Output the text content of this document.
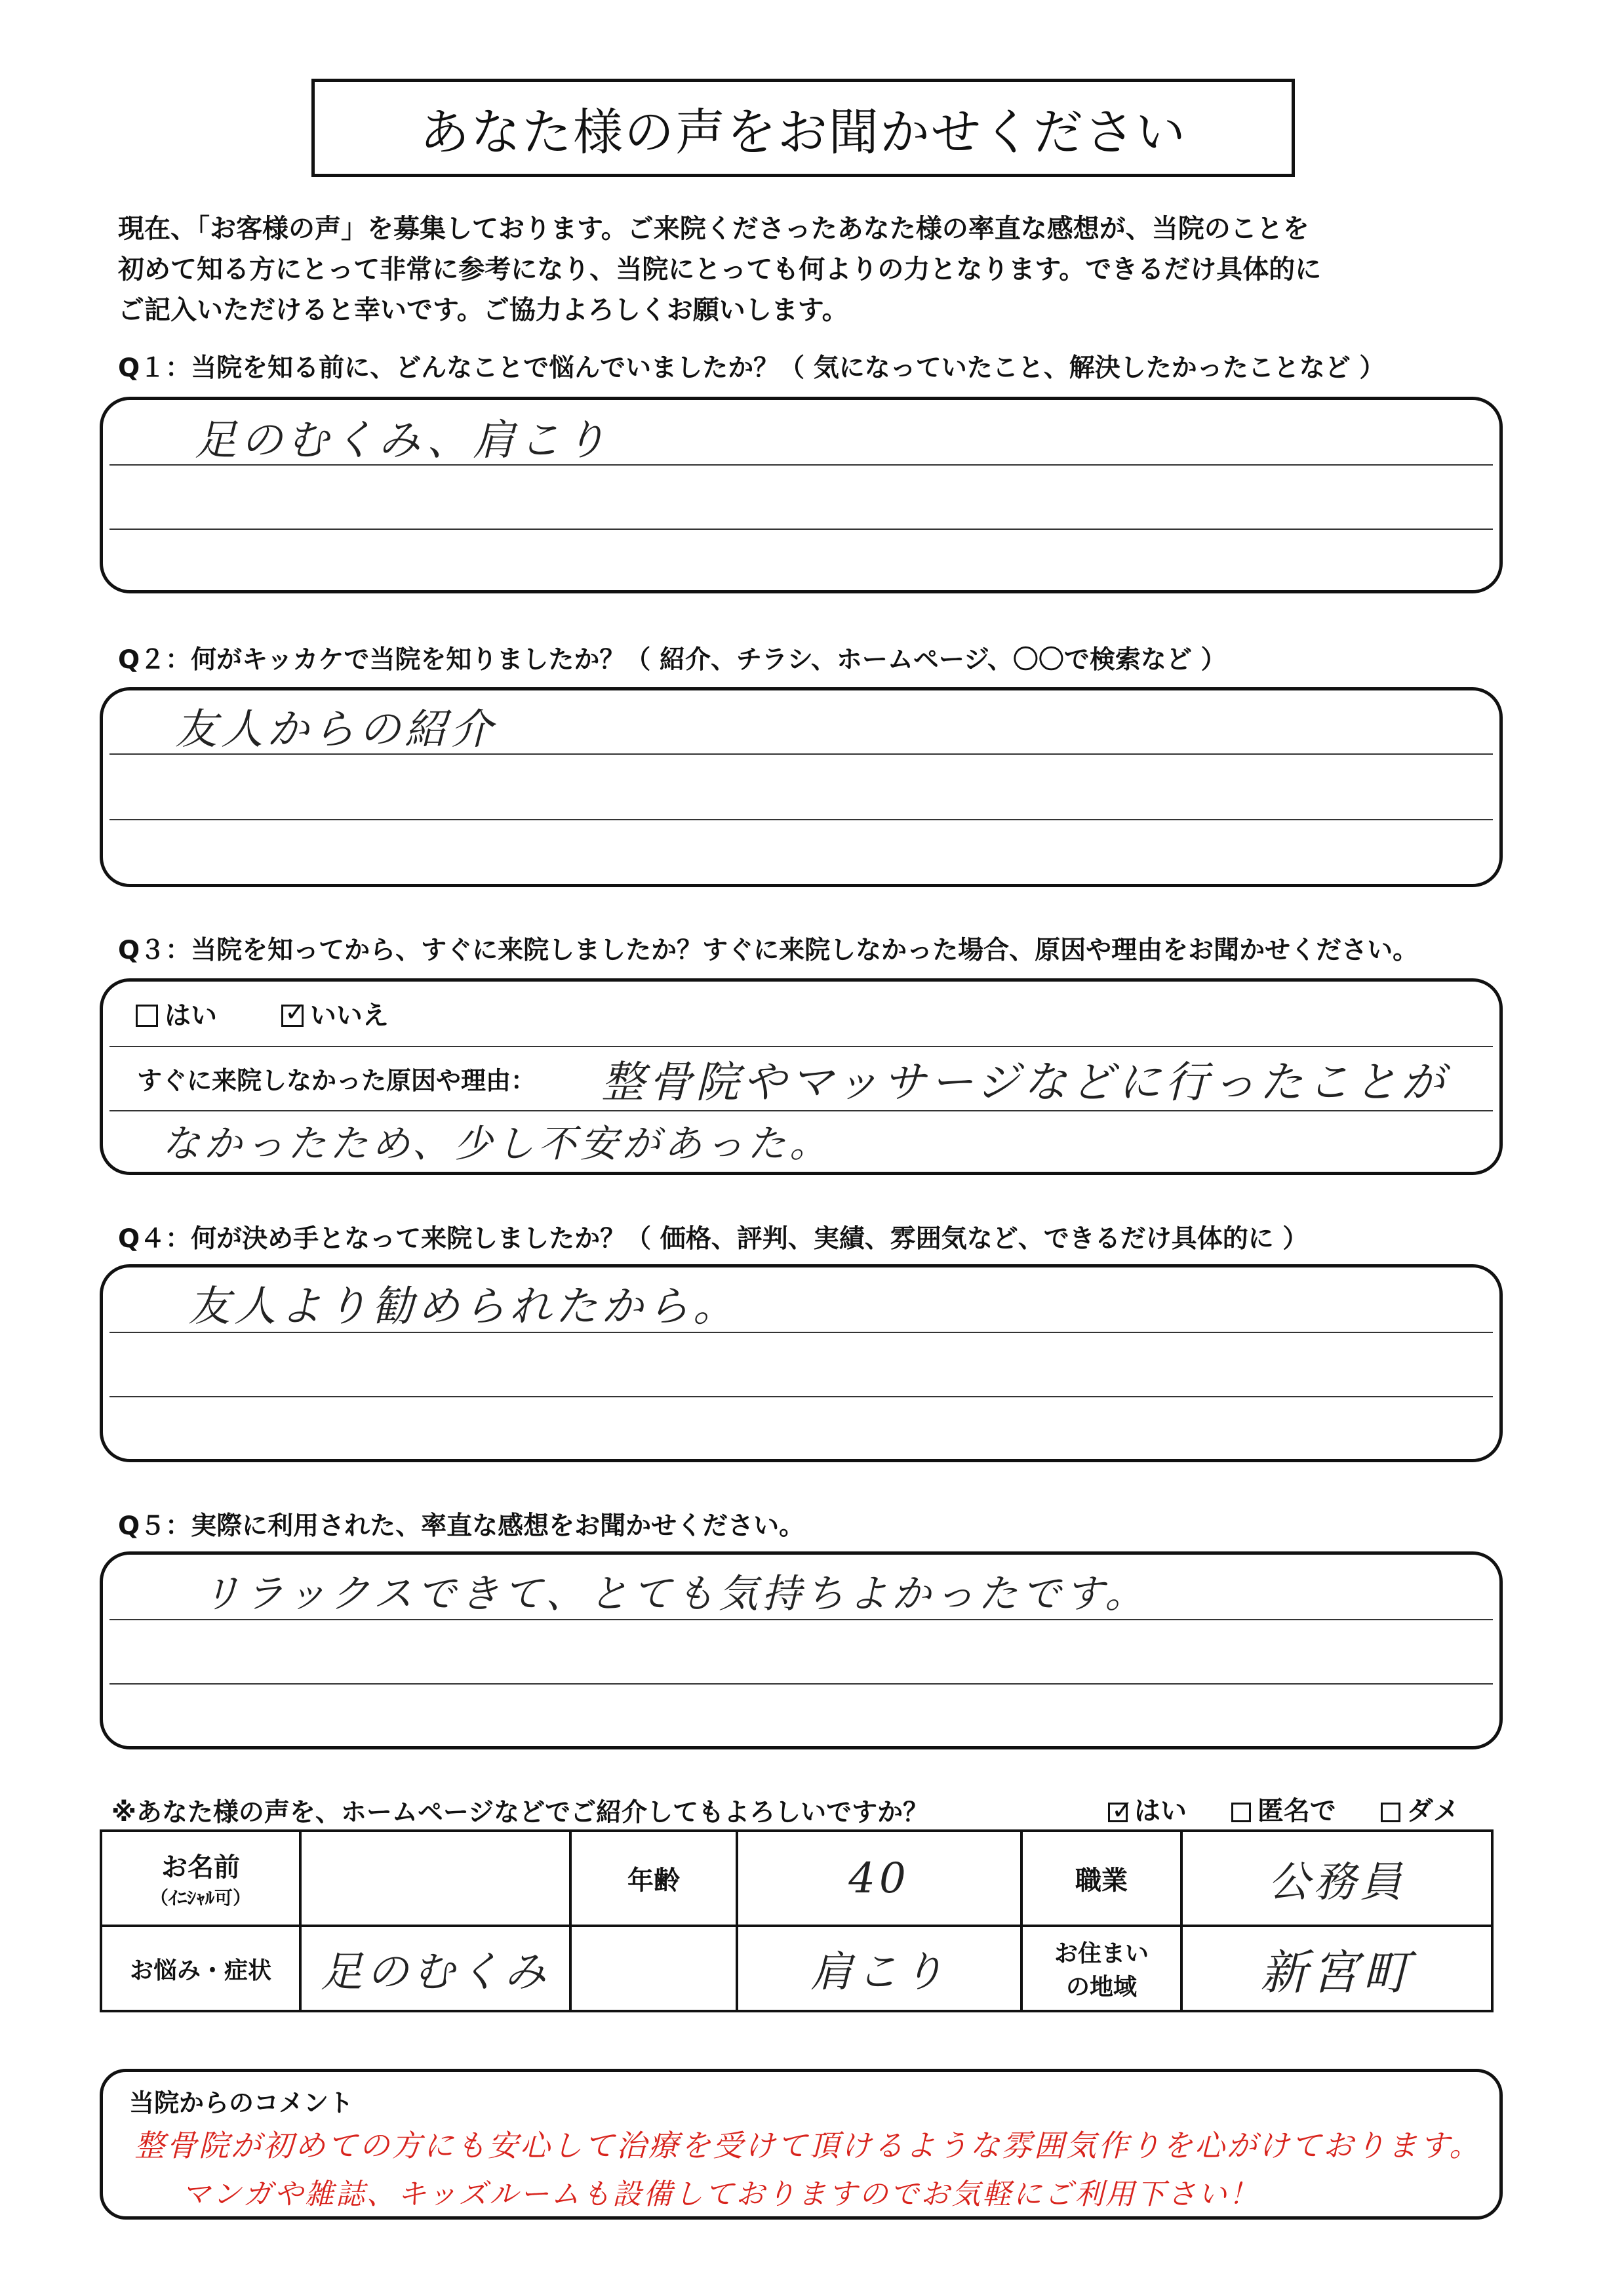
あなた様の声をお聞かせください
現在、「お客様の声」を募集しております。ご来院くださったあなた様の率直な感想が、当院のことを
初めて知る方にとって非常に参考になり、当院にとっても何よりの力となります。できるだけ具体的に
ご記入いただけると幸いです。ご協力よろしくお願いします。
Q１：当院を知る前に、どんなことで悩んでいましたか？（ 気になっていたこと、解決したかったことなど ）
足のむくみ、肩こり
Q２：何がキッカケで当院を知りましたか？（ 紹介、チラシ、ホームページ、〇〇で検索など ）
友人からの紹介
Q３：当院を知ってから、すぐに来院しましたか？すぐに来院しなかった場合、原因や理由をお聞かせください。
はい	✓ いいえ
すぐに来院しなかった原因や理由： 整骨院やマッサージなどに行ったことが
なかったため、少し不安があった。
Q４：何が決め手となって来院しましたか？（ 価格、評判、実績、雰囲気など、できるだけ具体的に ）
友人より勧められたから。
Q５：実際に利用された、率直な感想をお聞かせください。
リラックスできて、とても気持ちよかったです。
※あなた様の声を、ホームページなどでご紹介してもよろしいですか？	✓ はい	匿名で	ダメ
お名前
（ｲﾆｼｬﾙ可）		年齢	40	職業	公務員
お悩み・症状	足のむくみ		肩こり	お住まい
の地域	新宮町
当院からのコメント
整骨院が初めての方にも安心して治療を受けて頂けるような雰囲気作りを心がけております。
マンガや雑誌、キッズルームも設備しておりますのでお気軽にご利用下さい！
